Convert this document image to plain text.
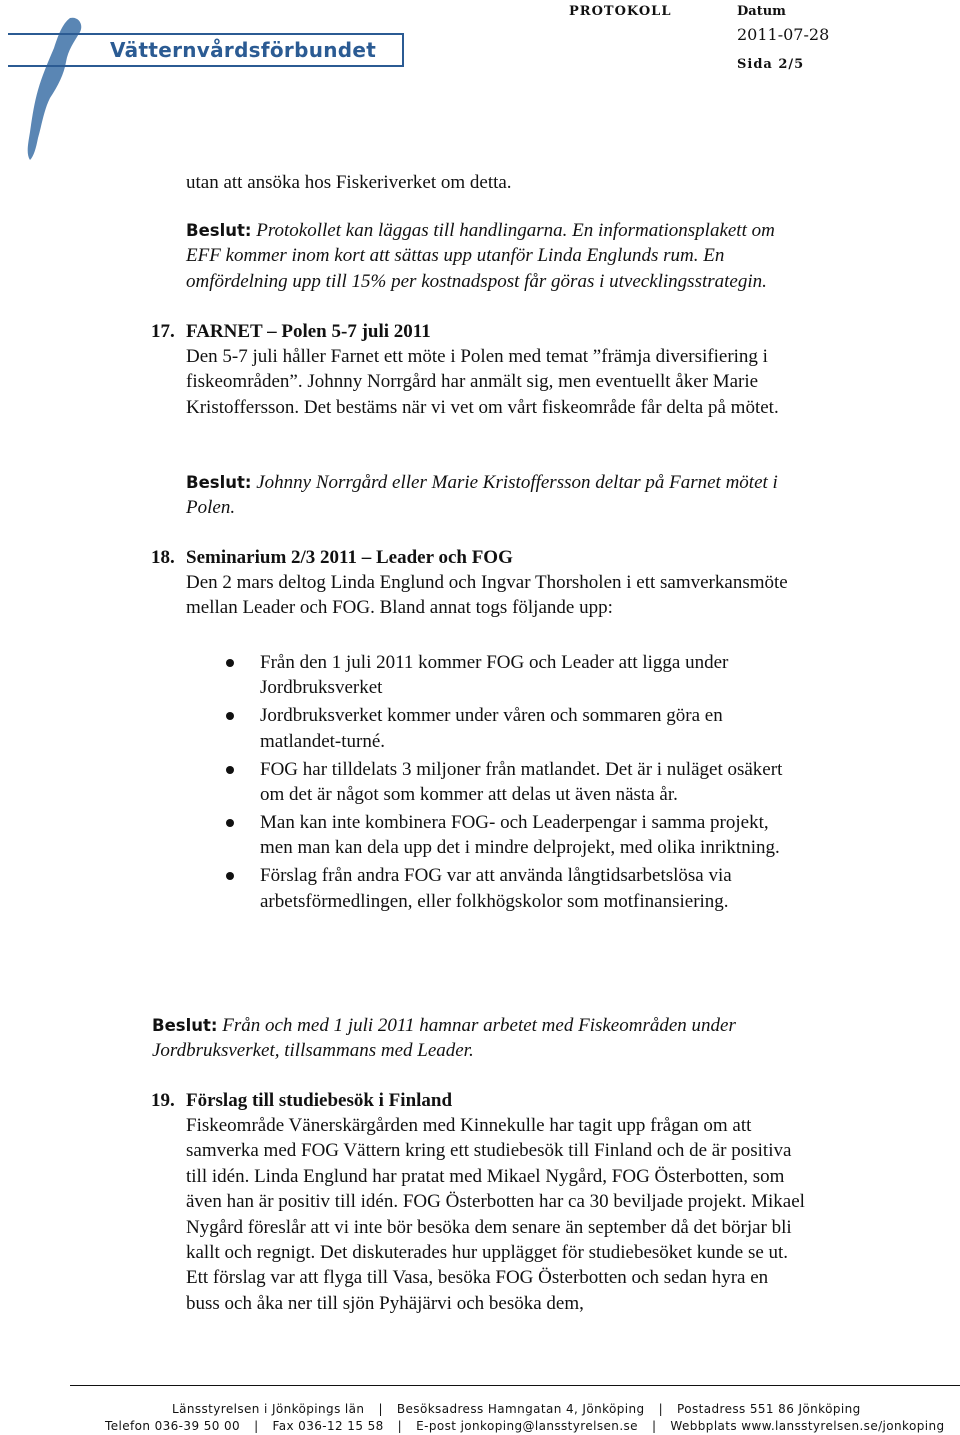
Vätternvårdsförbundet
PROTOKOLL	Datum
2011-07-28
Sida 2/5
utan att ansöka hos Fiskeriverket om detta.
Beslut: Protokollet kan läggas till handlingarna. En informationsplakett om EFF kommer inom kort att sättas upp utanför Linda Englunds rum. En omfördelning upp till 15% per kostnadspost får göras i utvecklingsstrategin.
17. FARNET – Polen 5-7 juli 2011
Den 5-7 juli håller Farnet ett möte i Polen med temat ”främja diversifiering i fiskeområden”. Johnny Norrgård har anmält sig, men eventuellt åker Marie Kristoffersson. Det bestäms när vi vet om vårt fiskeområde får delta på mötet.
Beslut: Johnny Norrgård eller Marie Kristoffersson deltar på Farnet mötet i Polen.
18. Seminarium 2/3 2011 – Leader och FOG
Den 2 mars deltog Linda Englund och Ingvar Thorsholen i ett samverkansmöte mellan Leader och FOG. Bland annat togs följande upp:
Från den 1 juli 2011 kommer FOG och Leader att ligga under Jordbruksverket
Jordbruksverket kommer under våren och sommaren göra en matlandet-turné.
FOG har tilldelats 3 miljoner från matlandet. Det är i nuläget osäkert om det är något som kommer att delas ut även nästa år.
Man kan inte kombinera FOG- och Leaderpengar i samma projekt, men man kan dela upp det i mindre delprojekt, med olika inriktning.
Förslag från andra FOG var att använda långtidsarbetslösa via arbetsförmedlingen, eller folkhögskolor som motfinansiering.
Beslut: Från och med 1 juli 2011 hamnar arbetet med Fiskeområden under Jordbruksverket, tillsammans med Leader.
19. Förslag till studiebesök i Finland
Fiskeområde Vänerskärgården med Kinnekulle har tagit upp frågan om att samverka med FOG Vättern kring ett studiebesök till Finland och de är positiva till idén. Linda Englund har pratat med Mikael Nygård, FOG Österbotten, som även han är positiv till idén. FOG Österbotten har ca 30 beviljade projekt. Mikael Nygård föreslår att vi inte bör besöka dem senare än september då det börjar bli kallt och regnigt. Det diskuterades hur upplägget för studiebesöket kunde se ut. Ett förslag var att flyga till Vasa, besöka FOG Österbotten och sedan hyra en buss och åka ner till sjön Pyhäjärvi och besöka dem,
Länsstyrelsen i Jönköpings län | Besöksadress Hamngatan 4, Jönköping | Postadress 551 86 Jönköping
Telefon 036-39 50 00 | Fax 036-12 15 58 | E-post jonkoping@lansstyrelsen.se | Webbplats www.lansstyrelsen.se/jonkoping
